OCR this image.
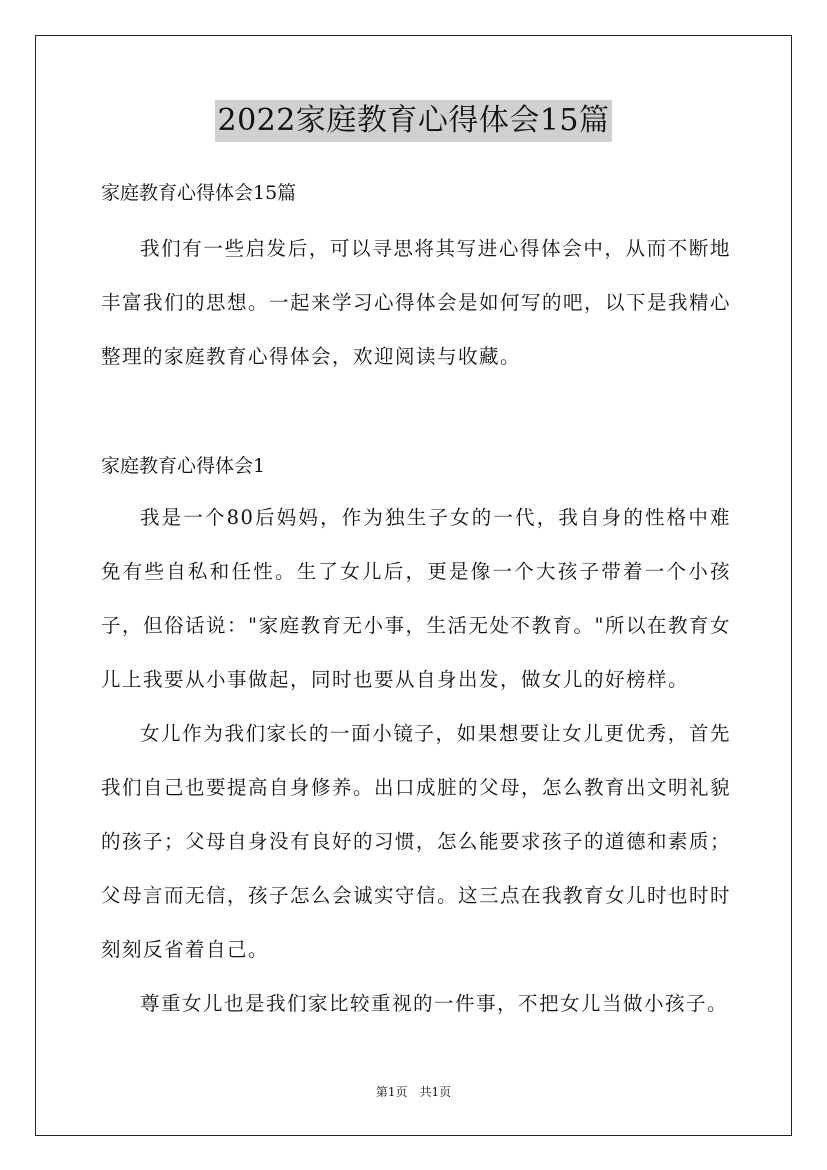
2022家庭教育心得体会15篇
家庭教育心得体会15篇
我们有一些启发后，可以寻思将其写进心得体会中，从而不断地丰富我们的思想。一起来学习心得体会是如何写的吧，以下是我精心整理的家庭教育心得体会，欢迎阅读与收藏。
家庭教育心得体会1
我是一个80后妈妈，作为独生子女的一代，我自身的性格中难免有些自私和任性。生了女儿后，更是像一个大孩子带着一个小孩子，但俗话说："家庭教育无小事，生活无处不教育。"所以在教育女儿上我要从小事做起，同时也要从自身出发，做女儿的好榜样。
女儿作为我们家长的一面小镜子，如果想要让女儿更优秀，首先我们自己也要提高自身修养。出口成脏的父母，怎么教育出文明礼貌的孩子；父母自身没有良好的习惯，怎么能要求孩子的道德和素质；父母言而无信，孩子怎么会诚实守信。这三点在我教育女儿时也时时刻刻反省着自己。
尊重女儿也是我们家比较重视的一件事，不把女儿当做小孩子。
第1页 共1页
